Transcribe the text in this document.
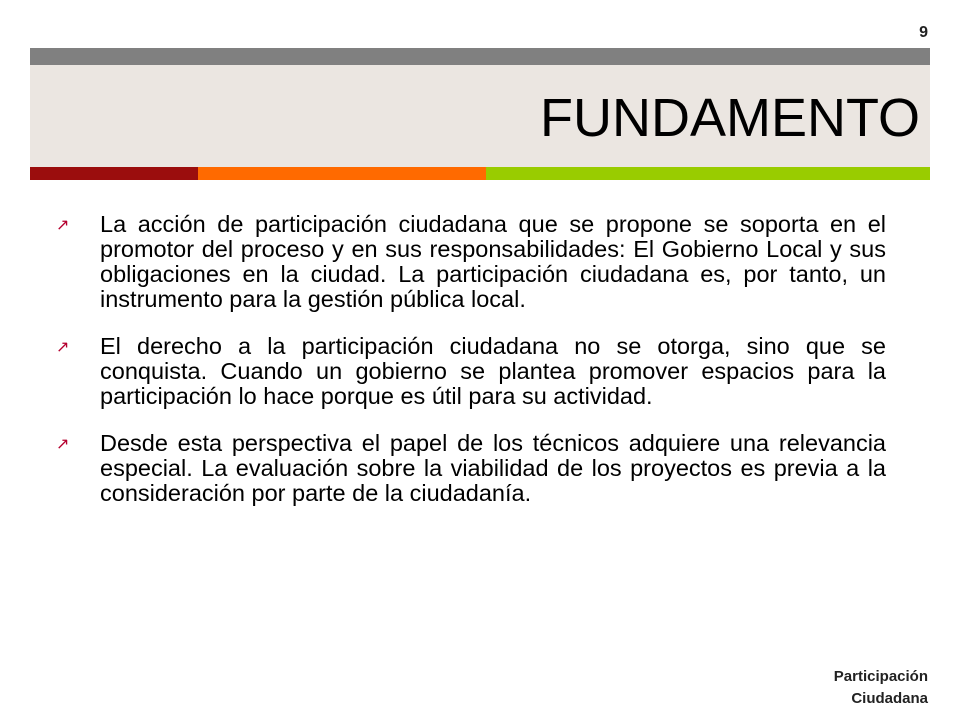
9
FUNDAMENTO
↗	La acción de participación ciudadana que se propone se soporta en el promotor del proceso y en sus responsabilidades: El Gobierno Local y sus obligaciones en la ciudad. La participación ciudadana es, por tanto, un instrumento para la gestión pública local.
↗	El derecho a la participación ciudadana no se otorga, sino que se conquista. Cuando un gobierno se plantea promover espacios para la participación lo hace porque es útil para su actividad.
↗	Desde esta perspectiva el papel de los técnicos adquiere una relevancia especial. La evaluación sobre la viabilidad de los proyectos es previa a la consideración por parte de la ciudadanía.
Participación
Ciudadana
